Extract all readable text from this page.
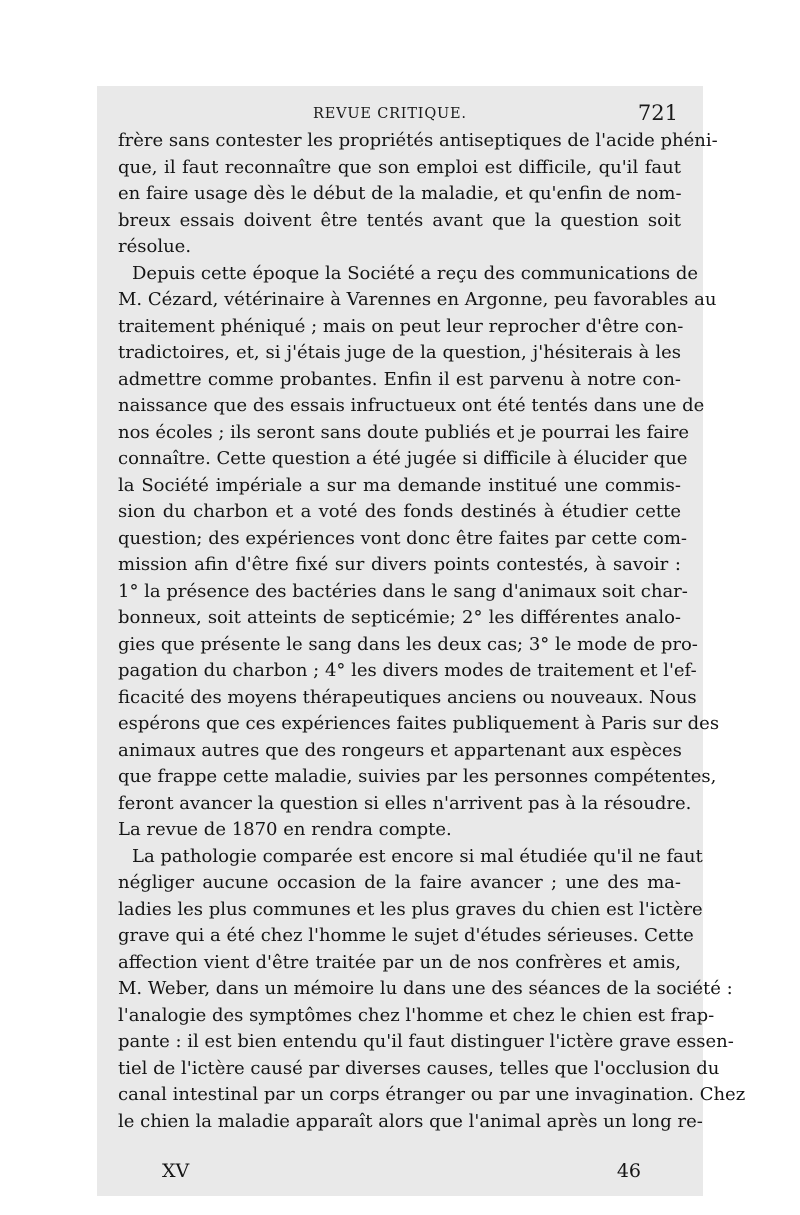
REVUE CRITIQUE.	721
frère sans contester les propriétés antiseptiques de l'acide phéni-
que, il faut reconnaître que son emploi est difficile, qu'il faut
en faire usage dès le début de la maladie, et qu'enfin de nom-
breux essais doivent être tentés avant que la question soit
résolue.
Depuis cette époque la Société a reçu des communications de
M. Cézard, vétérinaire à Varennes en Argonne, peu favorables au
traitement phéniqué ; mais on peut leur reprocher d'être con-
tradictoires, et, si j'étais juge de la question, j'hésiterais à les
admettre comme probantes. Enfin il est parvenu à notre con-
naissance que des essais infructueux ont été tentés dans une de
nos écoles ; ils seront sans doute publiés et je pourrai les faire
connaître. Cette question a été jugée si difficile à élucider que
la Société impériale a sur ma demande institué une commis-
sion du charbon et a voté des fonds destinés à étudier cette
question; des expériences vont donc être faites par cette com-
mission afin d'être fixé sur divers points contestés, à savoir :
1° la présence des bactéries dans le sang d'animaux soit char-
bonneux, soit atteints de septicémie; 2° les différentes analo-
gies que présente le sang dans les deux cas; 3° le mode de pro-
pagation du charbon ; 4° les divers modes de traitement et l'ef-
ficacité des moyens thérapeutiques anciens ou nouveaux. Nous
espérons que ces expériences faites publiquement à Paris sur des
animaux autres que des rongeurs et appartenant aux espèces
que frappe cette maladie, suivies par les personnes compétentes,
feront avancer la question si elles n'arrivent pas à la résoudre.
La revue de 1870 en rendra compte.
La pathologie comparée est encore si mal étudiée qu'il ne faut
négliger aucune occasion de la faire avancer ; une des ma-
ladies les plus communes et les plus graves du chien est l'ictère
grave qui a été chez l'homme le sujet d'études sérieuses. Cette
affection vient d'être traitée par un de nos confrères et amis,
M. Weber, dans un mémoire lu dans une des séances de la société :
l'analogie des symptômes chez l'homme et chez le chien est frap-
pante : il est bien entendu qu'il faut distinguer l'ictère grave essen-
tiel de l'ictère causé par diverses causes, telles que l'occlusion du
canal intestinal par un corps étranger ou par une invagination. Chez
le chien la maladie apparaît alors que l'animal après un long re-
XV	46
